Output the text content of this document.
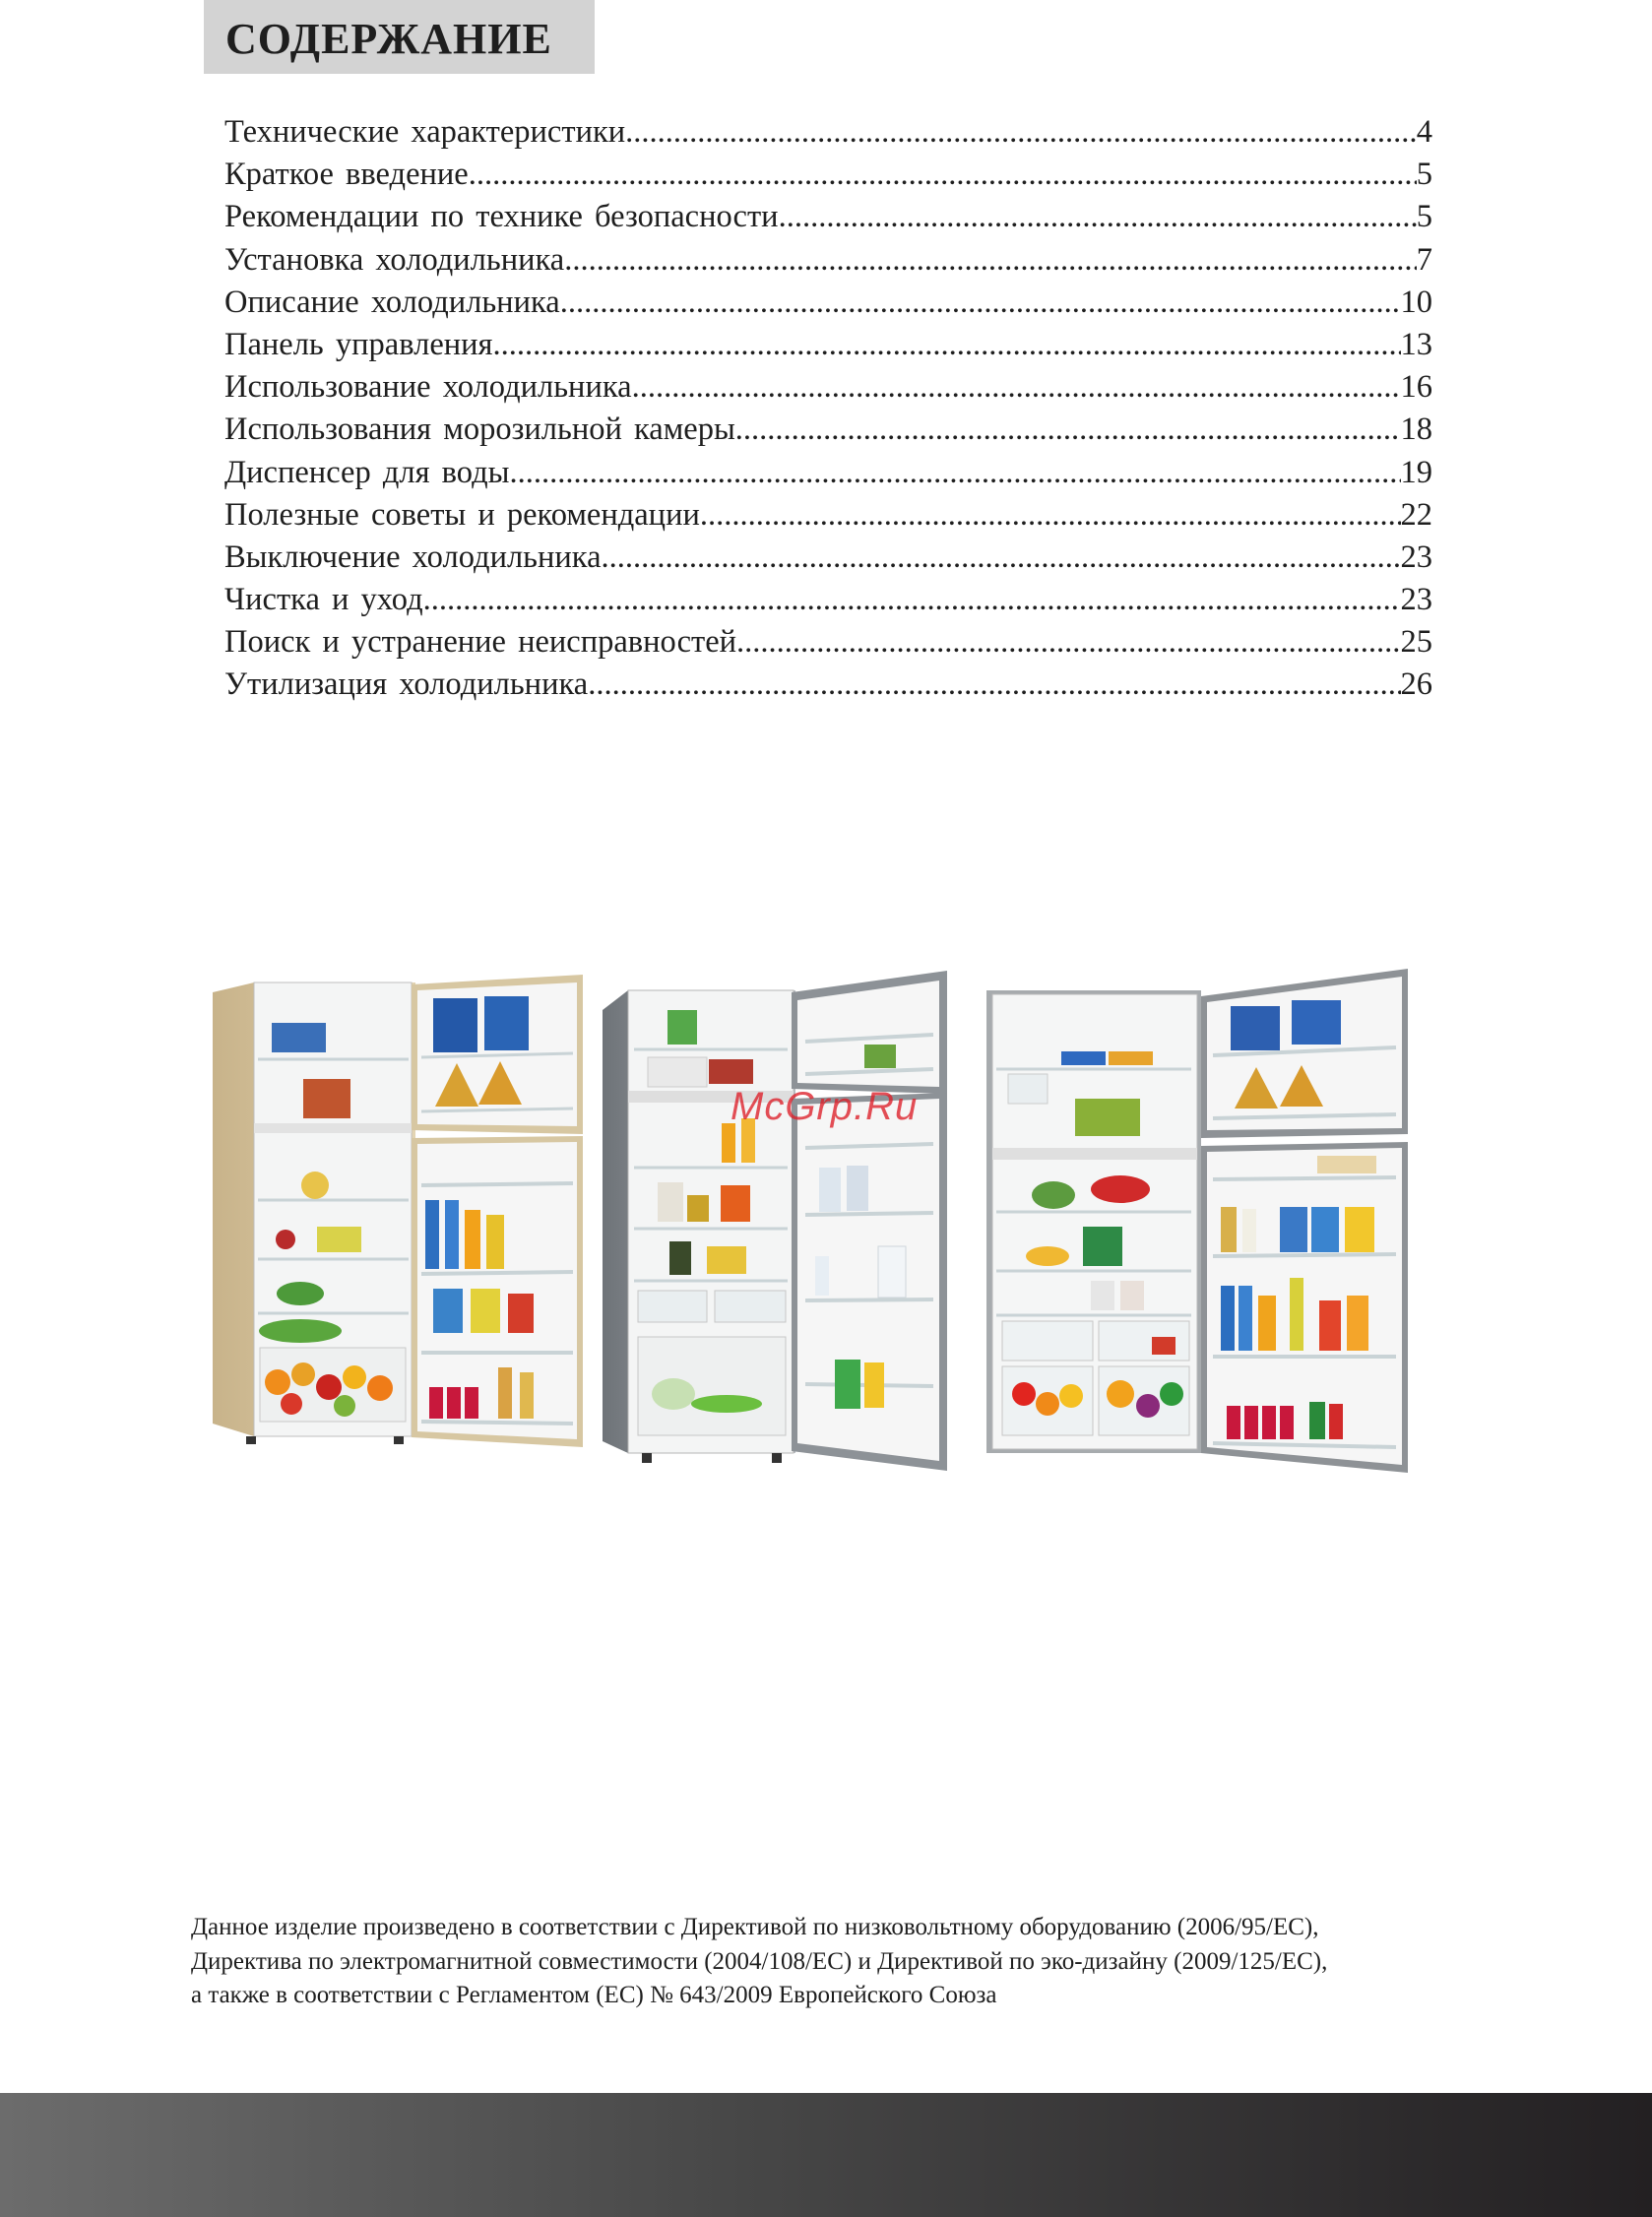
СОДЕРЖАНИЕ
Технические характеристики .....	4
Краткое введение .....	5
Рекомендации по технике безопасности .....	5
Установка холодильника .....	7
Описание холодильника .....	10
Панель управления .....	13
Использование холодильника .....	16
Использования морозильной камеры .....	18
Диспенсер для воды .....	19
Полезные советы и рекомендации .....	22
Выключение холодильника .....	23
Чистка и уход .....	23
Поиск и устранение неисправностей .....	25
Утилизация холодильника .....	26
McGrp.Ru
Данное изделие произведено в соответствии с Директивой по низковольтному оборудованию (2006/95/EC),
Директива по электромагнитной совместимости (2004/108/EC) и Директивой по эко-дизайну (2009/125/EC),
а также в соответствии с Регламентом (ЕС) № 643/2009 Европейского Союза
